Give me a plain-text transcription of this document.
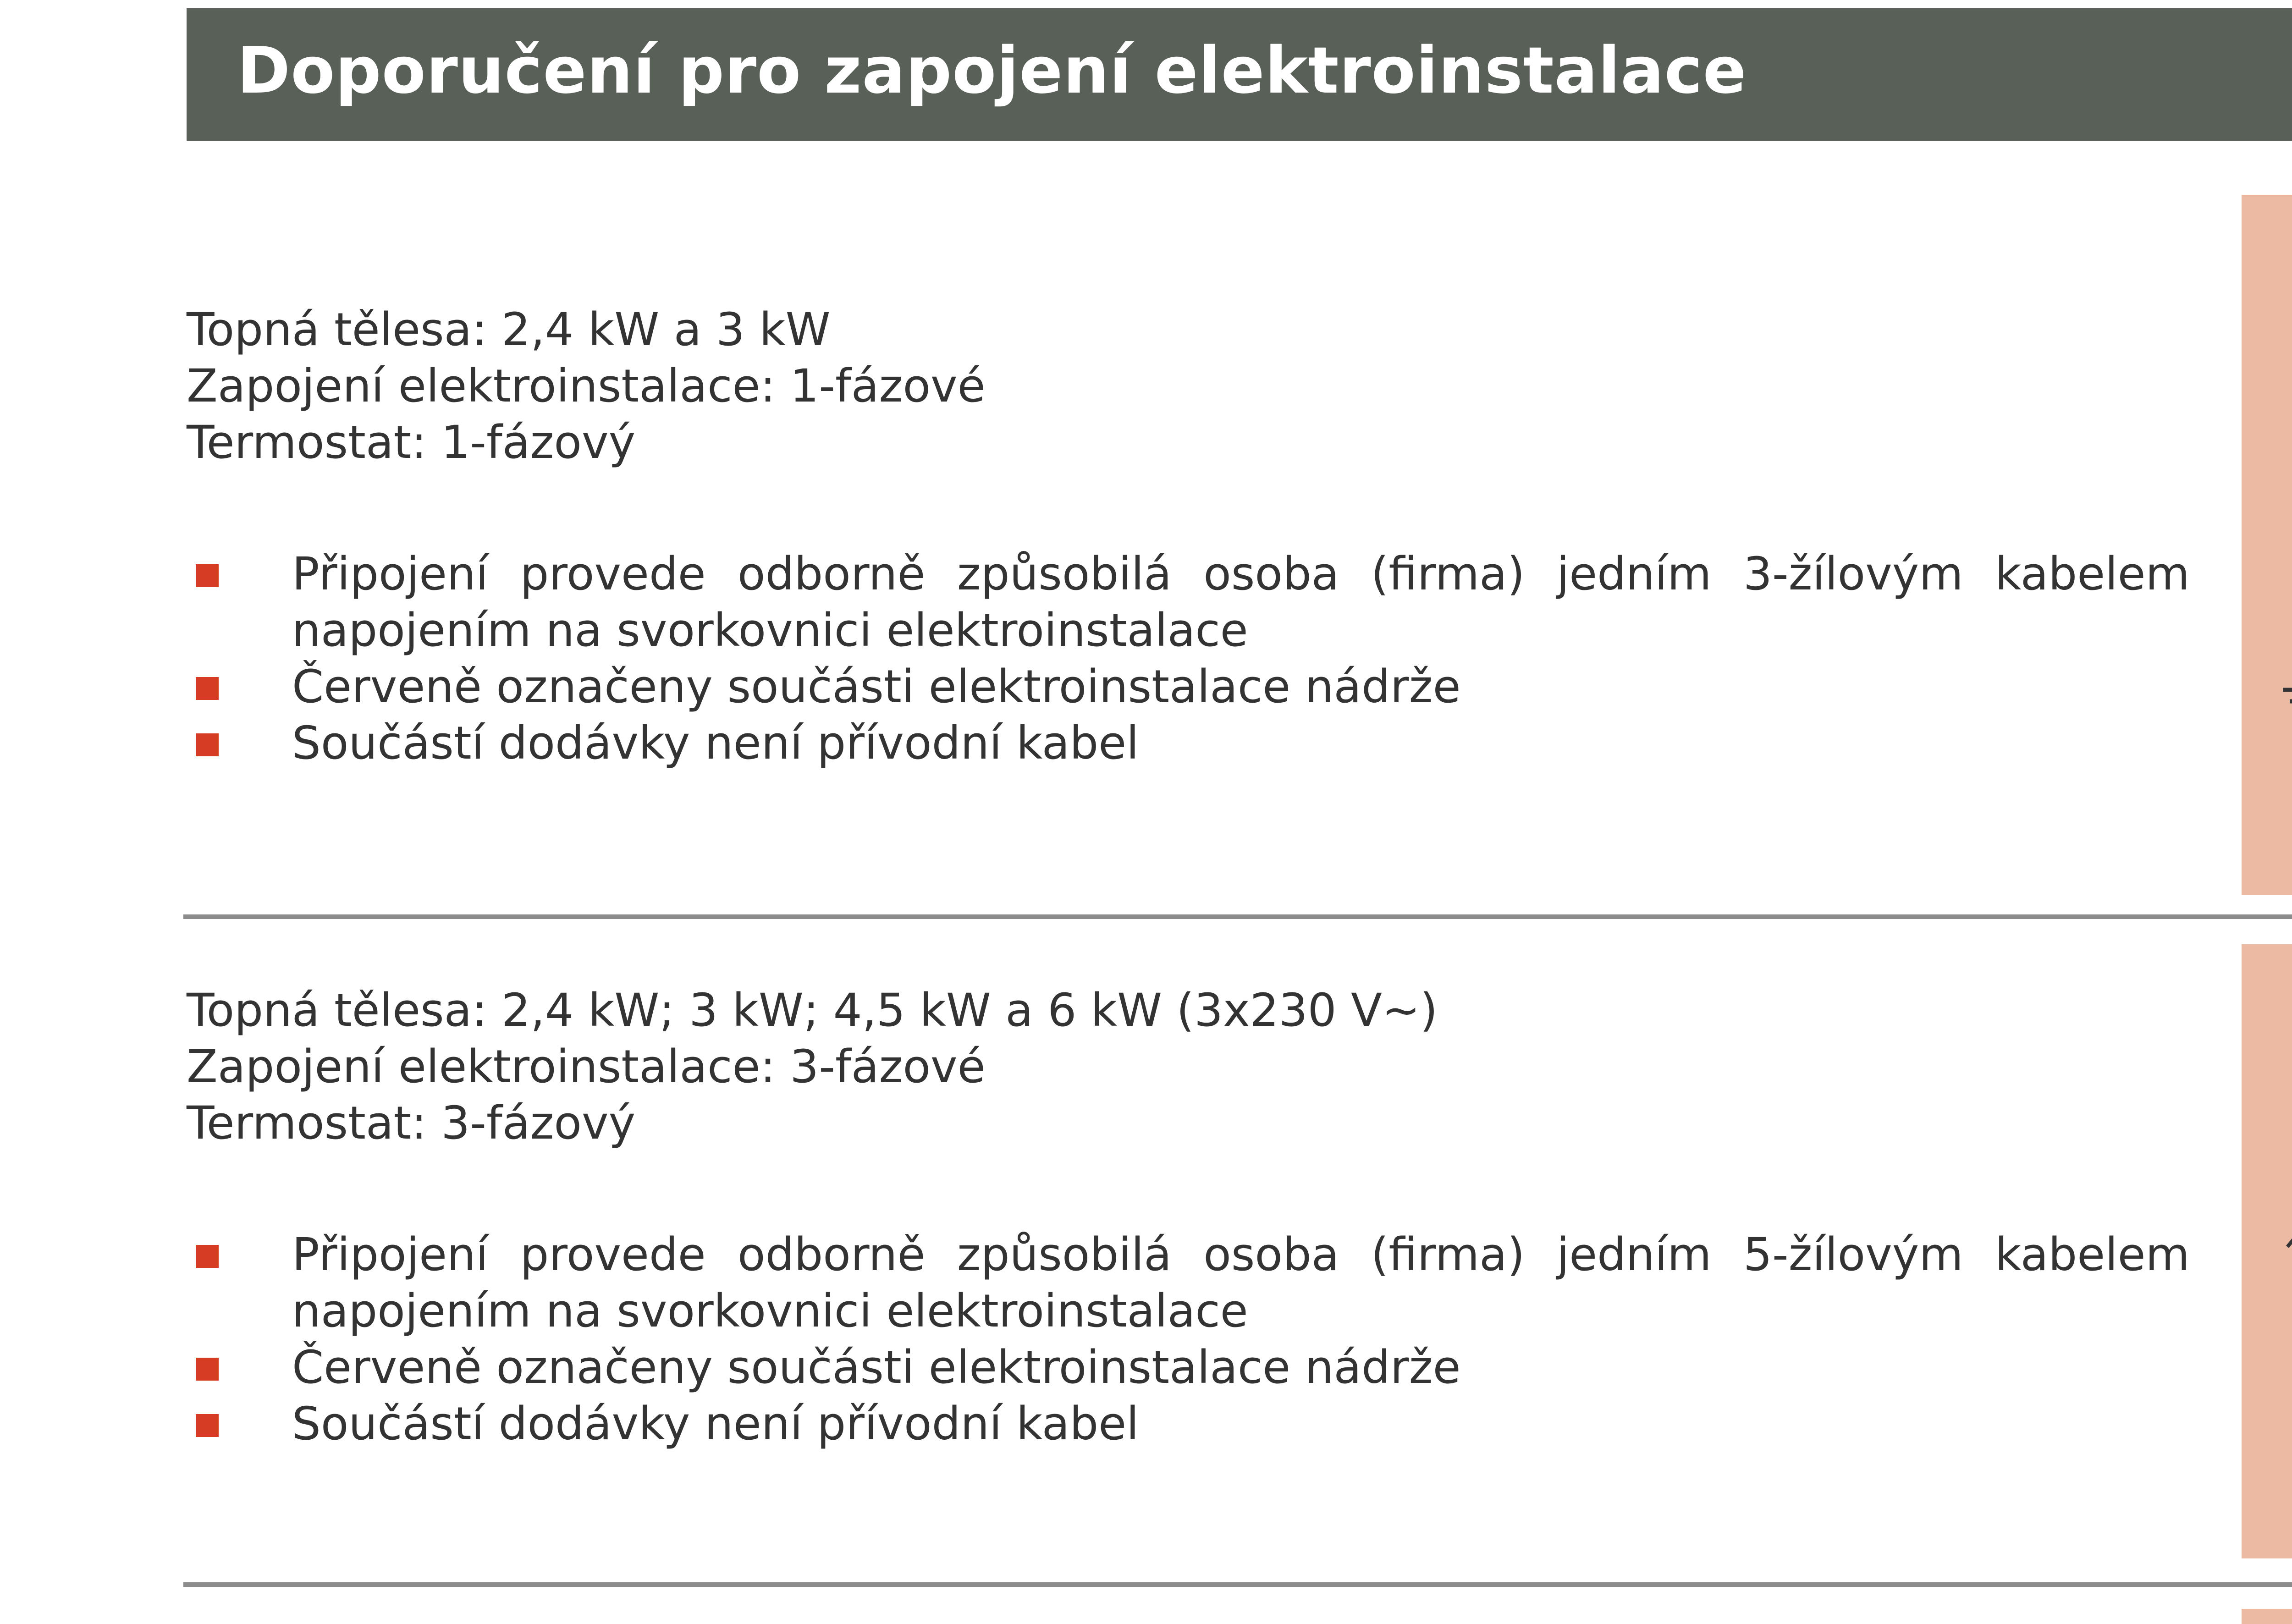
Doporučení pro zapojení elektroinstalace
Topná tělesa: 2,4 kW a 3 kW
Zapojení elektroinstalace: 1-fázové
Termostat: 1-fázový
Připojení provede odborně způsobilá osoba (firma) jedním 3-žílovým kabelem napojením na svorkovnici elektroinstalace
Červeně označeny součásti elektroinstalace nádrže
Součástí dodávky není přívodní kabel
Topná tělesa: 2,4 kW; 3 kW; 4,5 kW a 6 kW (3x230 V~)
Zapojení elektroinstalace: 3-fázové
Termostat: 3-fázový
Připojení provede odborně způsobilá osoba (firma) jedním 5-žílovým kabelem napojením na svorkovnici elektroinstalace
Červeně označeny součásti elektroinstalace nádrže
Součástí dodávky není přívodní kabel
